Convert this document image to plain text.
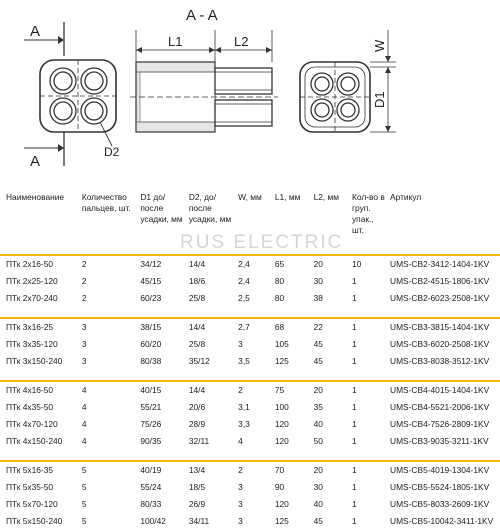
A
A
D2
A - A
L1	L2	W
D1
RUS ELECTRIC
Наименование	Количество пальцев, шт.	D1 до/после усадки, мм	D2, до/после усадки, мм	W, мм	L1, мм	L2, мм	Кол-во в груп. упак., шт.	Артикул
ПТк 2х16-50	2	34/12	14/4	2,4	65	20	10	UMS-CB2-3412-1404-1KV
ПТк 2х25-120	2	45/15	18/6	2,4	80	30	1	UMS-CB2-4515-1806-1KV
ПТк 2х70-240	2	60/23	25/8	2,5	80	38	1	UMS-CB2-6023-2508-1KV

ПТк 3х16-25	3	38/15	14/4	2,7	68	22	1	UMS-CB3-3815-1404-1KV
ПТк 3х35-120	3	60/20	25/8	3	105	45	1	UMS-CB3-6020-2508-1KV
ПТк 3х150-240	3	80/38	35/12	3,5	125	45	1	UMS-CB3-8038-3512-1KV

ПТк 4х16-50	4	40/15	14/4	2	75	20	1	UMS-CB4-4015-1404-1KV
ПТк 4х35-50	4	55/21	20/6	3,1	100	35	1	UMS-CB4-5521-2006-1KV
ПТк 4х70-120	4	75/26	28/9	3,3	120	40	1	UMS-CB4-7526-2809-1KV
ПТк 4х150-240	4	90/35	32/11	4	120	50	1	UMS-CB3-9035-3211-1KV

ПТк 5х16-35	5	40/19	13/4	2	70	20	1	UMS-CB5-4019-1304-1KV
ПТк 5х35-50	5	55/24	18/5	3	90	30	1	UMS-CB5-5524-1805-1KV
ПТк 5х70-120	5	80/33	26/9	3	120	40	1	UMS-CB5-8033-2609-1KV
ПТк 5х150-240	5	100/42	34/11	3	125	45	1	UMS-CB5-10042-3411-1KV
